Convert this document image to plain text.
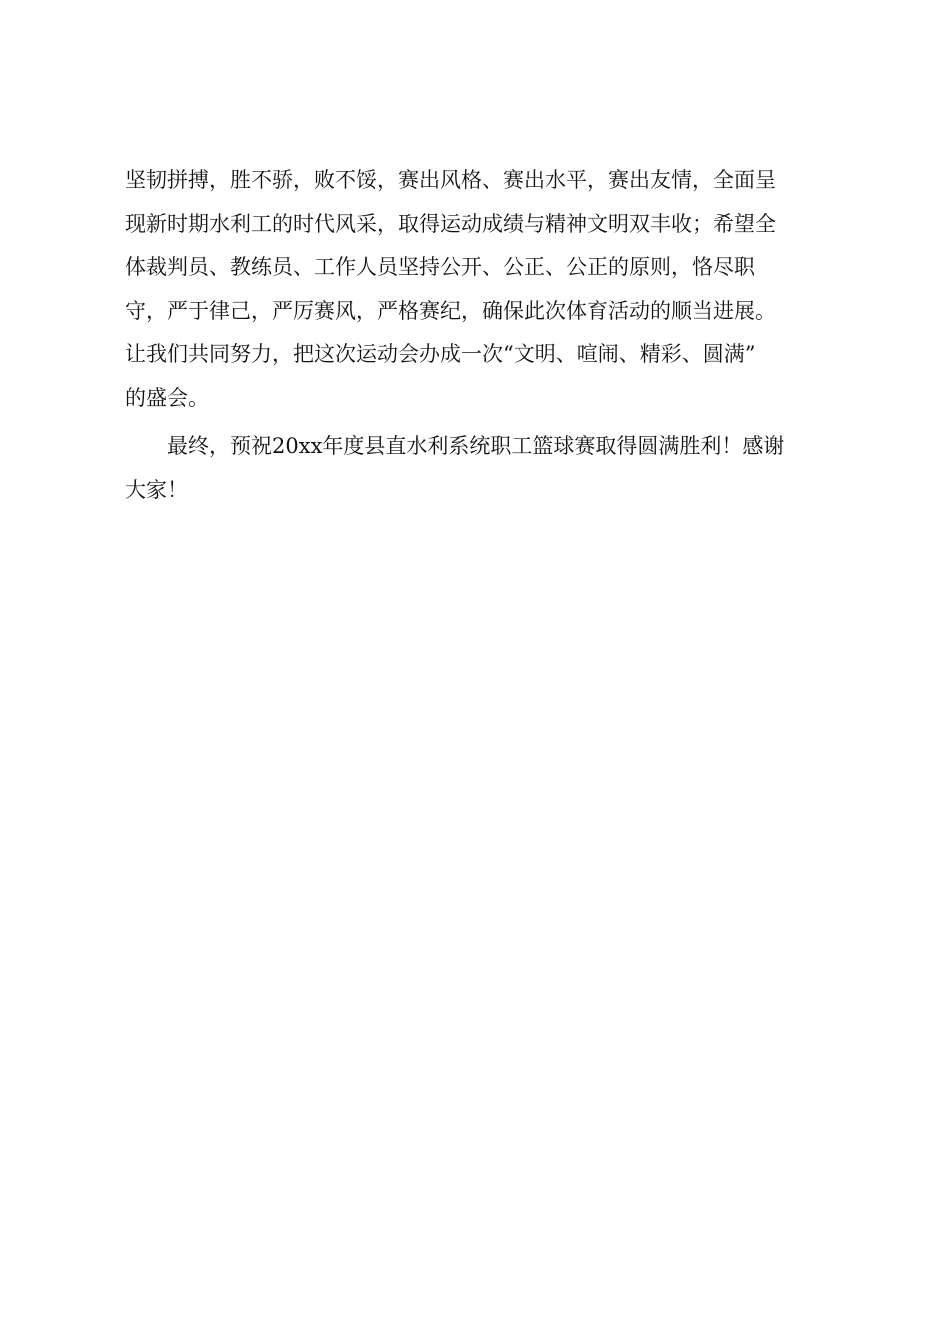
坚韧拼搏，胜不骄，败不馁，赛出风格、赛出水平，赛出友情，全面呈
现新时期水利工的时代风采，取得运动成绩与精神文明双丰收；希望全
体裁判员、教练员、工作人员坚持公开、公正、公正的原则，恪尽职
守，严于律己，严厉赛风，严格赛纪，确保此次体育活动的顺当进展。
让我们共同努力，把这次运动会办成一次“文明、喧闹、精彩、圆满”
的盛会。

　　最终，预祝20xx年度县直水利系统职工篮球赛取得圆满胜利！感谢
大家！
